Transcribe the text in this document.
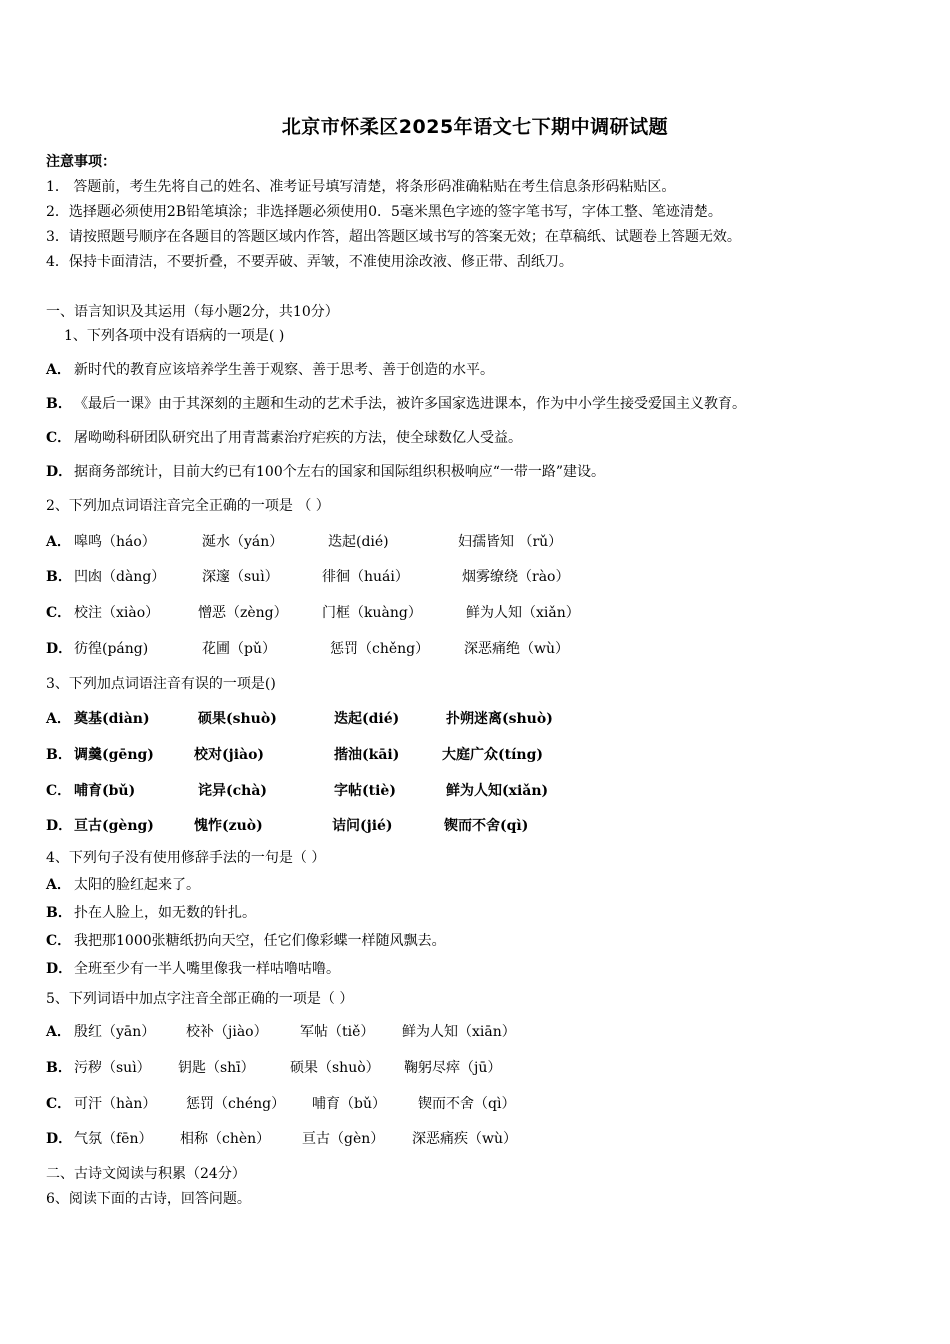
北京市怀柔区2025年语文七下期中调研试题
注意事项：
1． 答题前，考生先将自己的姓名、准考证号填写清楚，将条形码准确粘贴在考生信息条形码粘贴区。
2．选择题必须使用2B铅笔填涂；非选择题必须使用0．5毫米黑色字迹的签字笔书写，字体工整、笔迹清楚。
3．请按照题号顺序在各题目的答题区域内作答，超出答题区域书写的答案无效；在草稿纸、试题卷上答题无效。
4．保持卡面清洁，不要折叠，不要弄破、弄皱，不准使用涂改液、修正带、刮纸刀。
一、语言知识及其运用（每小题2分，共10分）
1、下列各项中没有语病的一项是( )
A． 新时代的教育应该培养学生善于观察、善于思考、善于创造的水平。
B． 《最后一课》由于其深刻的主题和生动的艺术手法，被许多国家选进课本，作为中小学生接受爱国主义教育。
C． 屠呦呦科研团队研究出了用青蒿素治疗疟疾的方法，使全球数亿人受益。
D． 据商务部统计，目前大约已有100个左右的国家和国际组织积极响应“一带一路”建设。
2、下列加点词语注音完全正确的一项是 （ ）
A． 嗥鸣（háo）	涎水（yán）	迭起(dié)	妇孺皆知 （rǔ）
B． 凹凼（dàng）	深邃（suì）	徘徊（huái）	烟雾缭绕（rào）
C． 校注（xiào）	憎恶（zèng） 门框（kuàng）	鲜为人知（xiǎn）
D． 彷徨(páng)	花圃（pǔ）	惩罚（chěng） 深恶痛绝（wù）
3、下列加点词语注音有误的一项是()
A． 奠基(diàn)	硕果(shuò)	迭起(dié)	扑朔迷离(shuò)
B． 调羹(gēng)	校对(jiào)	揩油(kāi)	大庭广众(tíng)
C． 哺育(bǔ)	诧异(chà)	字帖(tiè)	鲜为人知(xiǎn)
D． 亘古(gèng)	愧怍(zuò)	诘问(jié)	锲而不舍(qì)
4、下列句子没有使用修辞手法的一句是（ ）
A． 太阳的脸红起来了。
B． 扑在人脸上，如无数的针扎。
C． 我把那1000张糖纸扔向天空，任它们像彩蝶一样随风飘去。
D． 全班至少有一半人嘴里像我一样咕噜咕噜。
5、下列词语中加点字注音全部正确的一项是（ ）
A． 殷红（yān） 校补（jiào） 军帖（tiě） 鲜为人知（xiān）
B． 污秽（suì） 钥匙（shī）	硕果（shuò） 鞠躬尽瘁（jū）
C． 可汗（hàn） 惩罚（chéng） 哺育（bǔ） 锲而不舍（qì）
D． 气氛（fēn） 相称（chèn） 亘古（gèn） 深恶痛疾（wù）
二、古诗文阅读与积累（24分）
6、阅读下面的古诗，回答问题。
